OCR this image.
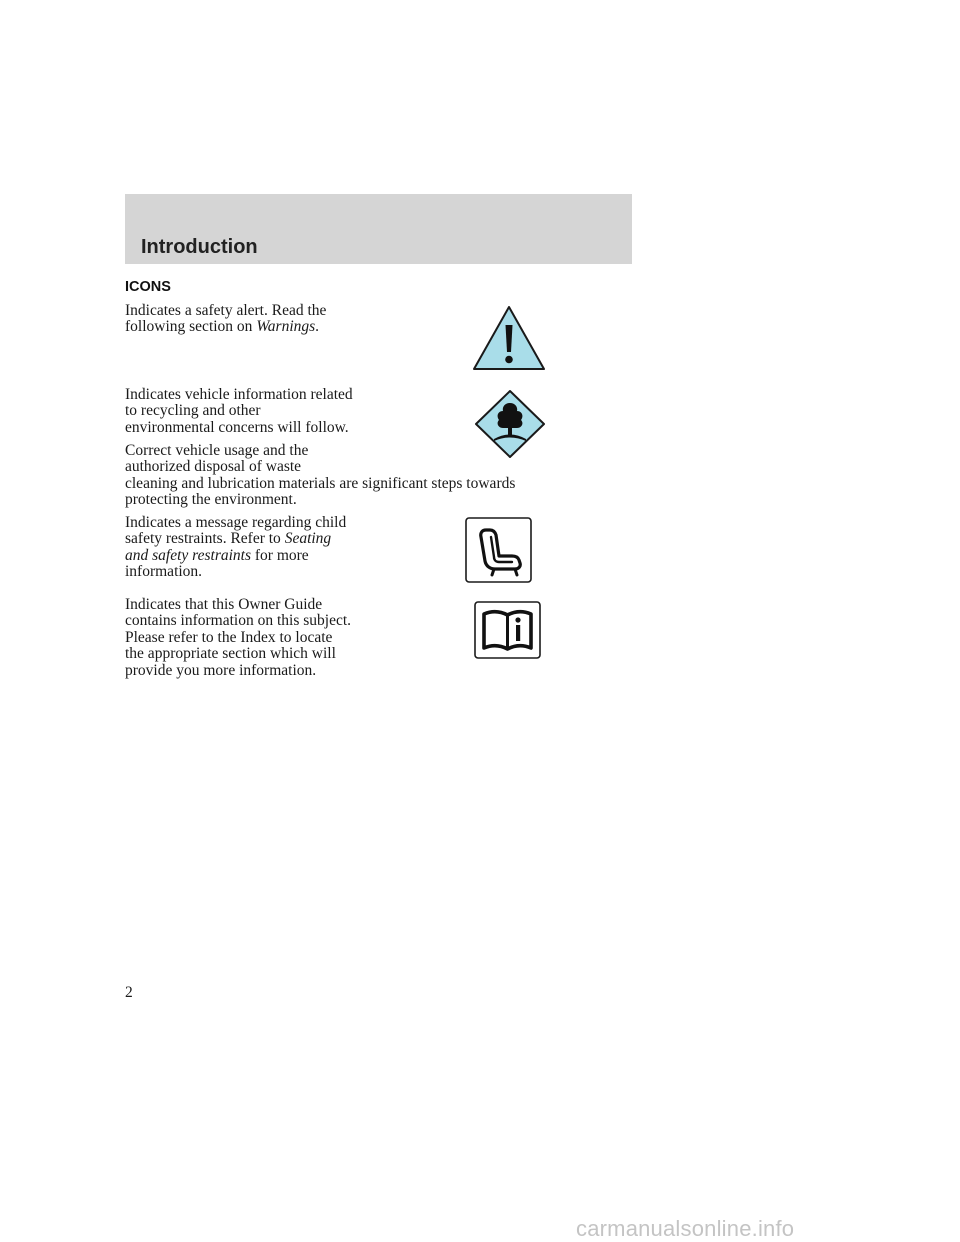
Introduction
ICONS
Indicates a safety alert. Read the
following section on Warnings.
Indicates vehicle information related
to recycling and other
environmental concerns will follow.
Correct vehicle usage and the
authorized disposal of waste
cleaning and lubrication materials are significant steps towards
protecting the environment.
Indicates a message regarding child
safety restraints. Refer to Seating
and safety restraints for more
information.
Indicates that this Owner Guide
contains information on this subject.
Please refer to the Index to locate
the appropriate section which will
provide you more information.
2
carmanualsonline.info
